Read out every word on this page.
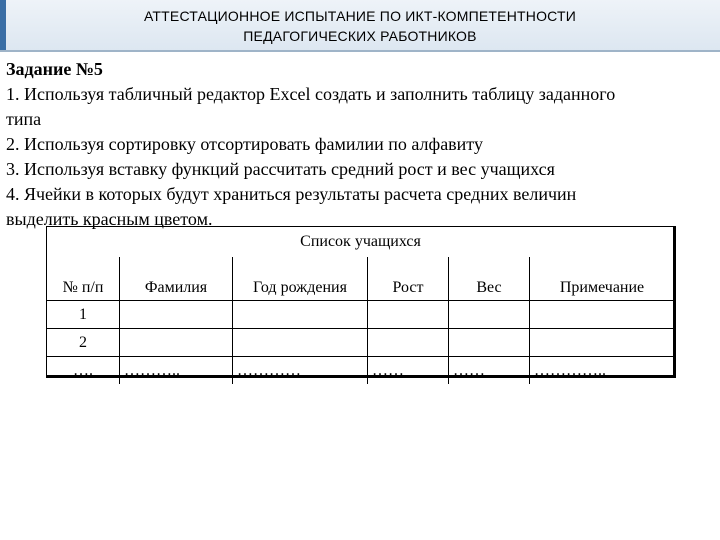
АТТЕСТАЦИОННОЕ ИСПЫТАНИЕ ПО ИКТ-КОМПЕТЕНТНОСТИ
ПЕДАГОГИЧЕСКИХ РАБОТНИКОВ
Задание №5
1. Используя табличный редактор Excel создать и заполнить таблицу заданного
типа
2. Используя сортировку отсортировать фамилии по алфавиту
3. Используя вставку функций рассчитать средний рост и вес учащихся
4. Ячейки в которых будут храниться результаты расчета средних величин
выделить красным цветом.
Список учащихся					
№ п/п	Фамилия	Год рождения	Рост	Вес	Примечание
1					
2					
….	………..	…………	……	……	…………..
